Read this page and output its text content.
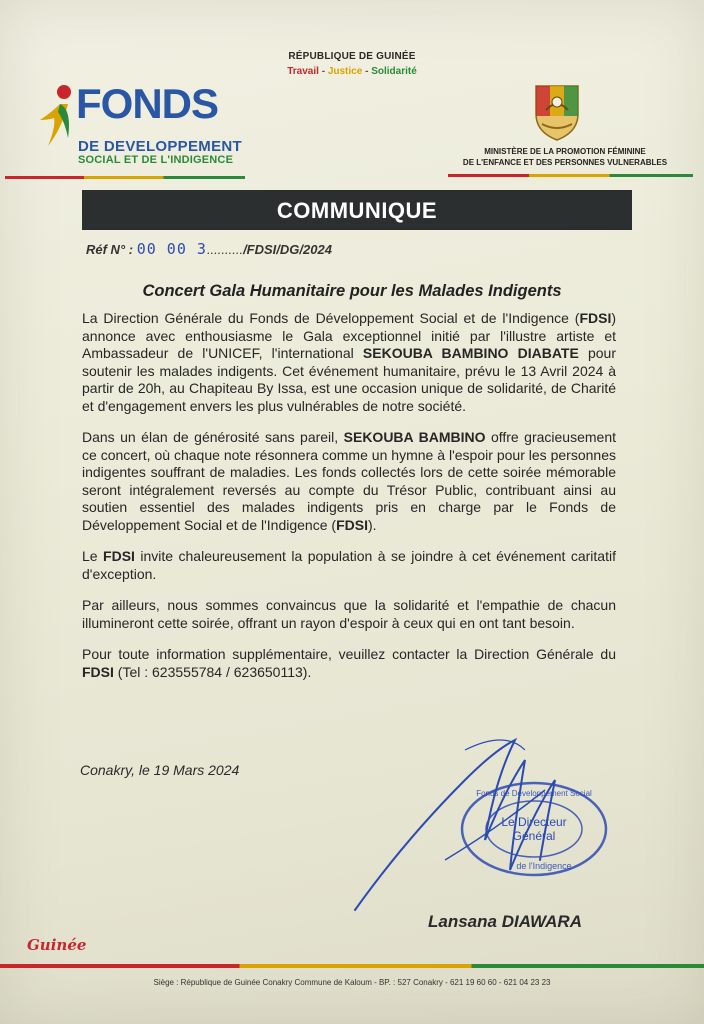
RÉPUBLIQUE DE GUINÉE
Travail - Justice - Solidarité
FONDS
DE DEVELOPPEMENT
SOCIAL ET DE L'INDIGENCE
MINISTÈRE DE LA PROMOTION FÉMININE
DE L'ENFANCE ET DES PERSONNES VULNERABLES
COMMUNIQUE
Réf N° : 00 00 3........../FDSI/DG/2024
Concert Gala Humanitaire pour les Malades Indigents

La Direction Générale du Fonds de Développement Social et de l'Indigence (FDSI) annonce avec enthousiasme le Gala exceptionnel initié par l'illustre artiste et Ambassadeur de l'UNICEF, l'international SEKOUBA BAMBINO DIABATE pour soutenir les malades indigents. Cet événement humanitaire, prévu le 13 Avril 2024 à partir de 20h, au Chapiteau By Issa, est une occasion unique de solidarité, de Charité et d'engagement envers les plus vulnérables de notre société.

Dans un élan de générosité sans pareil, SEKOUBA BAMBINO offre gracieusement ce concert, où chaque note résonnera comme un hymne à l'espoir pour les personnes indigentes souffrant de maladies. Les fonds collectés lors de cette soirée mémorable seront intégralement reversés au compte du Trésor Public, contribuant ainsi au soutien essentiel des malades indigents pris en charge par le Fonds de Développement Social et de l'Indigence (FDSI).

Le FDSI invite chaleureusement la population à se joindre à cet événement caritatif d'exception.

Par ailleurs, nous sommes convaincus que la solidarité et l'empathie de chacun illumineront cette soirée, offrant un rayon d'espoir à ceux qui en ont tant besoin.

Pour toute information supplémentaire, veuillez contacter la Direction Générale du FDSI (Tel : 623555784 / 623650113).

Conakry, le 19 Mars 2024
Fonds de Développement Social
Le Directeur
Général
de l'Indigence
Lansana DIAWARA
Guinée
Siège : République de Guinée Conakry Commune de Kaloum - BP. : 527 Conakry - 621 19 60 60 - 621 04 23 23
